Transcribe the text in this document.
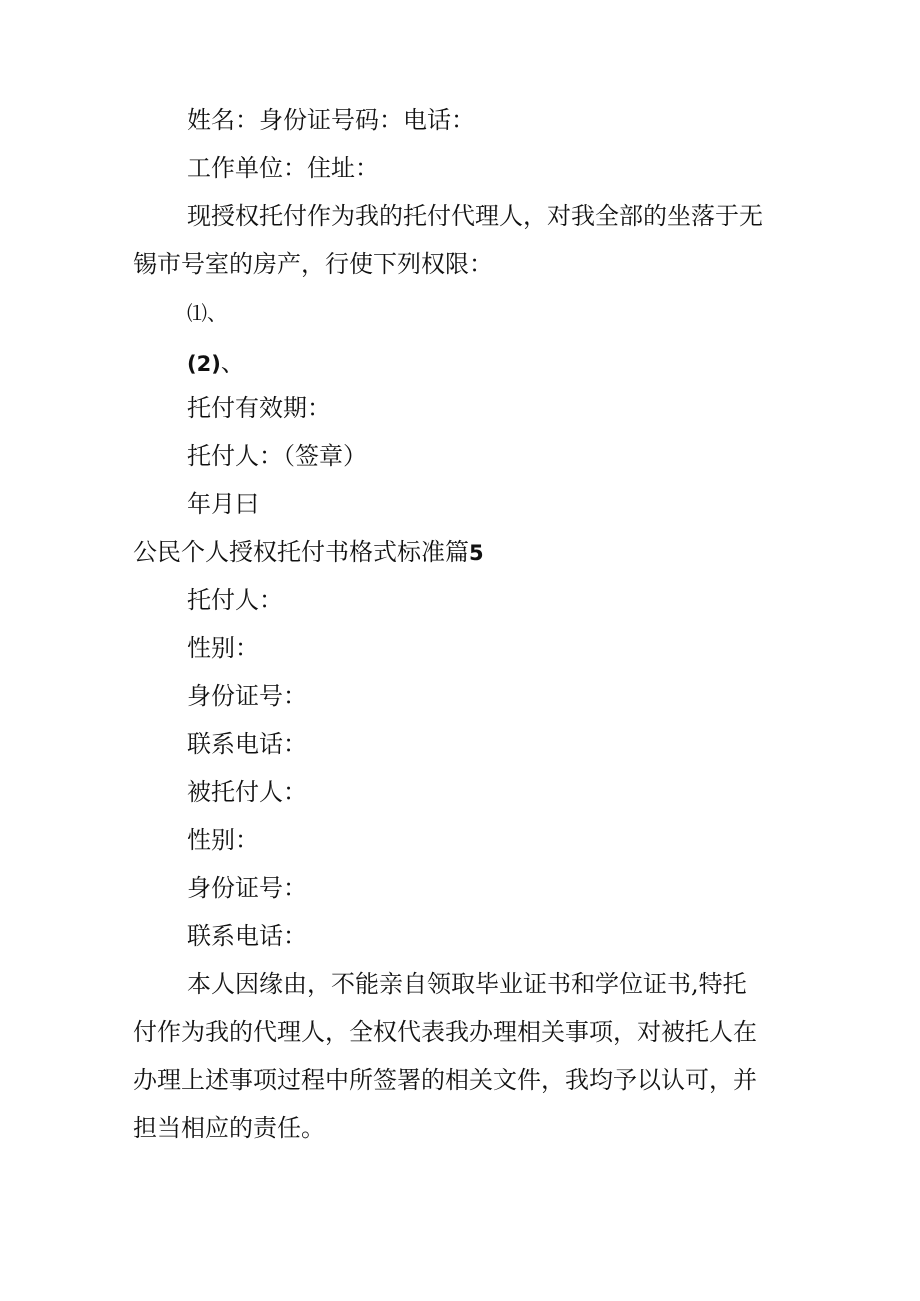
姓名：身份证号码：电话：
工作单位：住址：
现授权托付作为我的托付代理人，对我全部的坐落于无
锡市号室的房产，行使下列权限：
⑴、
(2)、
托付有效期：
托付人：（签章）
年月曰
公民个人授权托付书格式标准篇5
托付人：
性别：
身份证号：
联系电话：
被托付人：
性别：
身份证号：
联系电话：
本人因缘由，不能亲自领取毕业证书和学位证书,特托
付作为我的代理人，全权代表我办理相关事项，对被托人在
办理上述事项过程中所签署的相关文件，我均予以认可，并
担当相应的责任。
